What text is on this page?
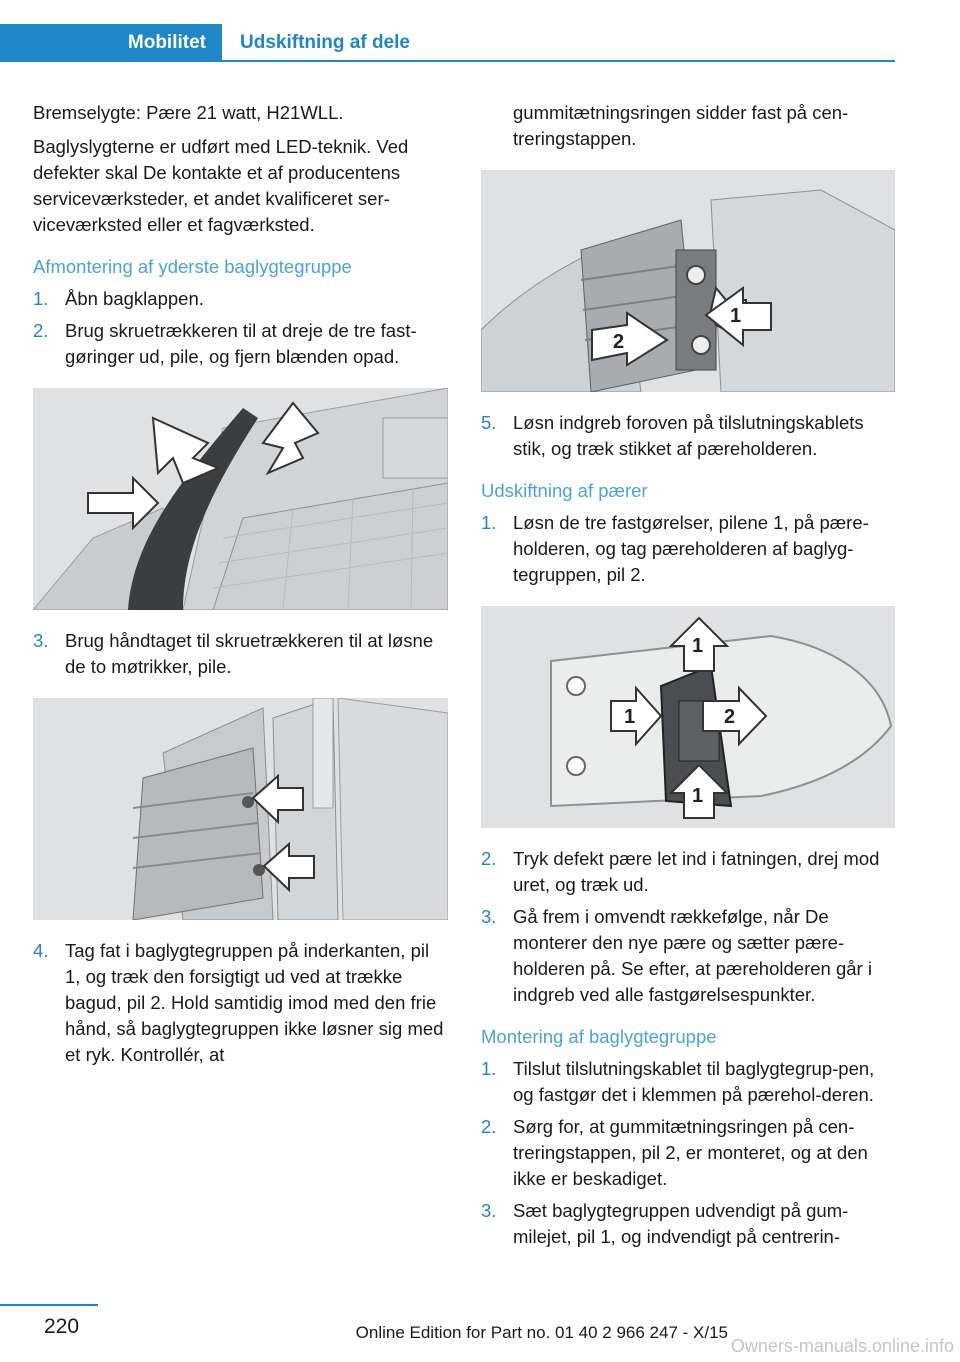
Mobilitet	Udskiftning af dele

Bremselygte: Pære 21 watt, H21WLL.

Baglyslygterne er udført med LED-teknik. Ved defekter skal De kontakte et af producentens serviceværksteder, et andet kvalificeret ser-viceværksted eller et fagværksted.

Afmontering af yderste baglygtegruppe
1. Åbn bagklappen.
2. Brug skruetrækkeren til at dreje de tre fast-gøringer ud, pile, og fjern blænden opad.
3. Brug håndtaget til skruetrækkeren til at løsne de to møtrikker, pile.
4. Tag fat i baglygtegruppen på inderkanten, pil 1, og træk den forsigtigt ud ved at trække bagud, pil 2. Hold samtidig imod med den frie hånd, så baglygtegruppen ikke løsner sig med et ryk. Kontrollér, at
gummitætningsringen sidder fast på cen-treringstappen.
1
2
5. Løsn indgreb foroven på tilslutningskablets stik, og træk stikket af pæreholderen.
Udskiftning af pærer
1. Løsn de tre fastgørelser, pilene 1, på pære-holderen, og tag pæreholderen af baglyg-tegruppen, pil 2.
1
1	2
1
2. Tryk defekt pære let ind i fatningen, drej mod uret, og træk ud.
3. Gå frem i omvendt rækkefølge, når De monterer den nye pære og sætter pære-holderen på. Se efter, at pæreholderen går i indgreb ved alle fastgørelsespunkter.
Montering af baglygtegruppe
1. Tilslut tilslutningskablet til baglygtegrup-pen, og fastgør det i klemmen på pærehol-deren.
2. Sørg for, at gummitætningsringen på cen-treringstappen, pil 2, er monteret, og at den ikke er beskadiget.
3. Sæt baglygtegruppen udvendigt på gum-milejet, pil 1, og indvendigt på centrerin-
220	Online Edition for Part no. 01 40 2 966 247 - X/15
Owners-manuals.online.info
